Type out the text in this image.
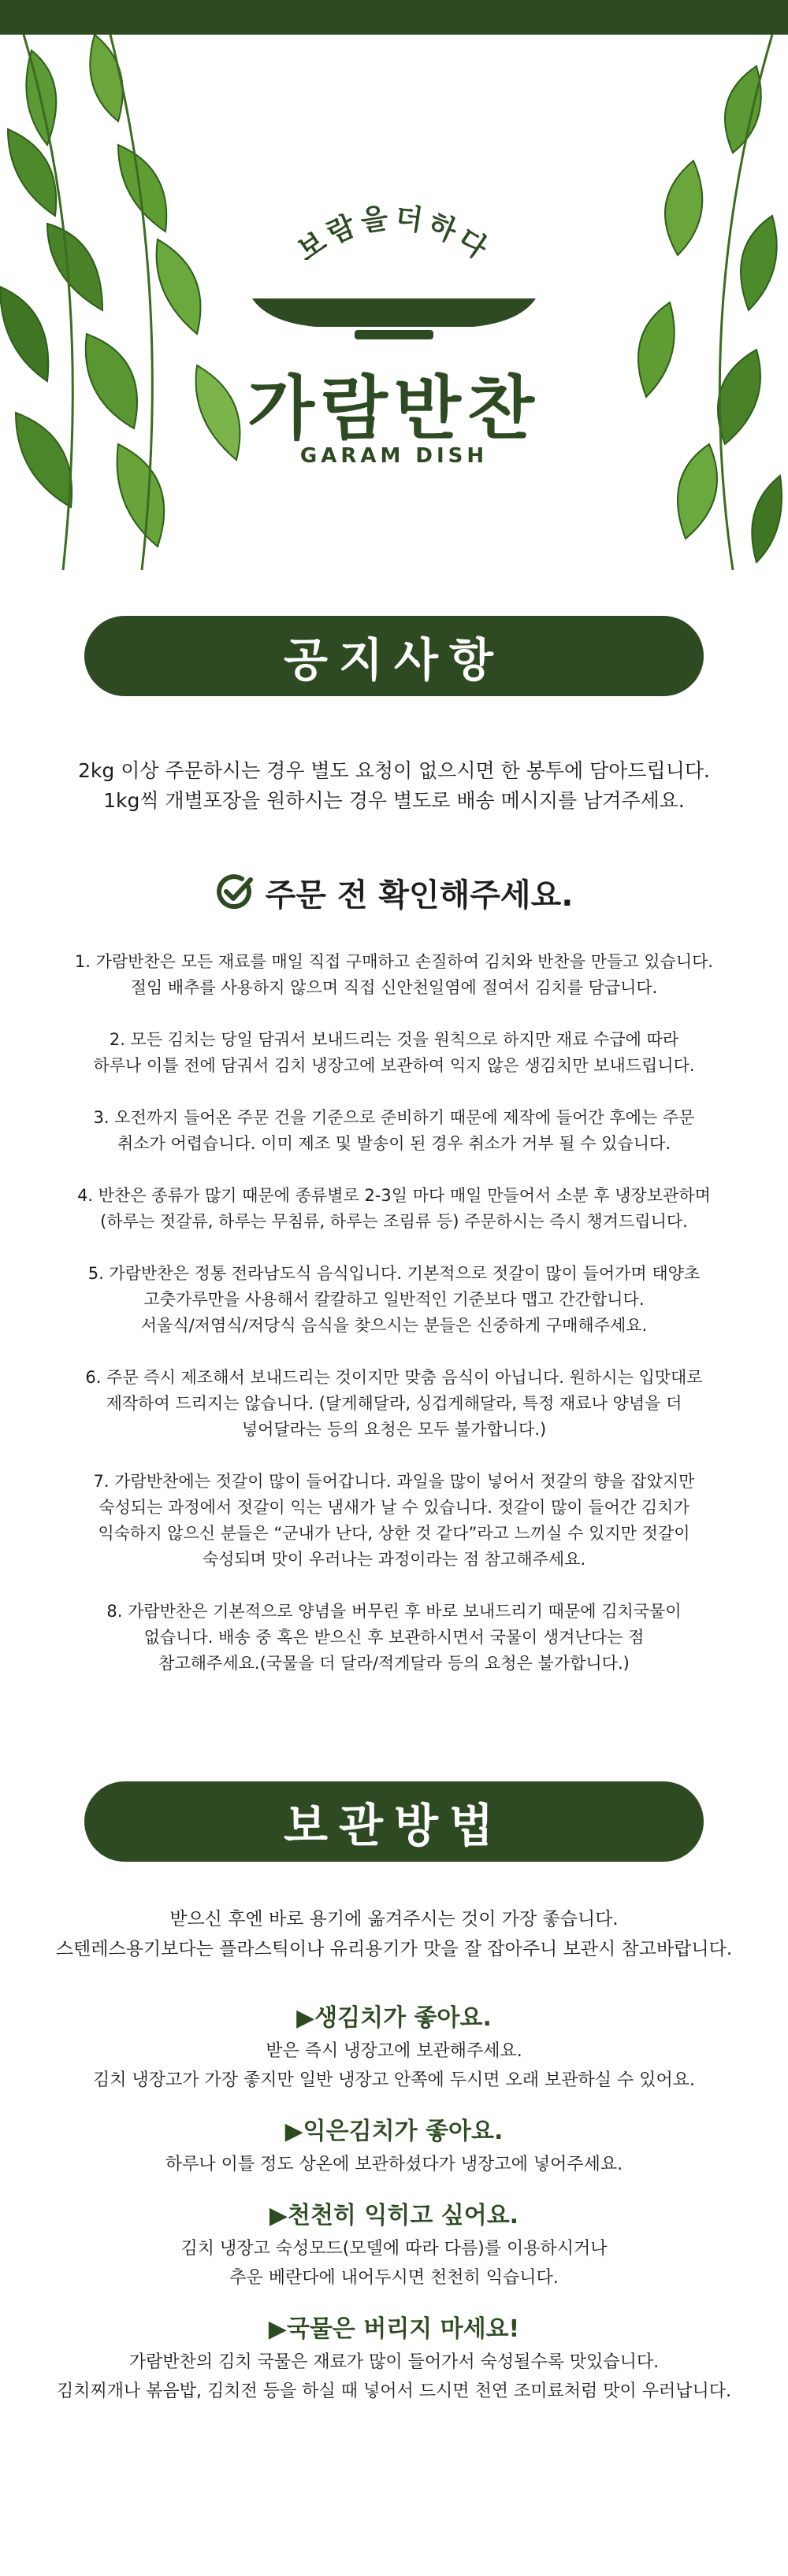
보람을더하다
가람반찬
GARAM DISH
공지사항
2kg 이상 주문하시는 경우 별도 요청이 없으시면 한 봉투에 담아드립니다.
1kg씩 개별포장을 원하시는 경우 별도로 배송 메시지를 남겨주세요.
주문 전 확인해주세요.
1. 가람반찬은 모든 재료를 매일 직접 구매하고 손질하여 김치와 반찬을 만들고 있습니다.
절임 배추를 사용하지 않으며 직접 신안천일염에 절여서 김치를 담급니다.
2. 모든 김치는 당일 담궈서 보내드리는 것을 원칙으로 하지만 재료 수급에 따라
하루나 이틀 전에 담궈서 김치 냉장고에 보관하여 익지 않은 생김치만 보내드립니다.
3. 오전까지 들어온 주문 건을 기준으로 준비하기 때문에 제작에 들어간 후에는 주문
취소가 어렵습니다. 이미 제조 및 발송이 된 경우 취소가 거부 될 수 있습니다.
4. 반찬은 종류가 많기 때문에 종류별로 2-3일 마다 매일 만들어서 소분 후 냉장보관하며
(하루는 젓갈류, 하루는 무침류, 하루는 조림류 등) 주문하시는 즉시 챙겨드립니다.
5. 가람반찬은 정통 전라남도식 음식입니다. 기본적으로 젓갈이 많이 들어가며 태양초
고춧가루만을 사용해서 칼칼하고 일반적인 기준보다 맵고 간간합니다.
서울식/저염식/저당식 음식을 찾으시는 분들은 신중하게 구매해주세요.
6. 주문 즉시 제조해서 보내드리는 것이지만 맞춤 음식이 아닙니다. 원하시는 입맛대로
제작하여 드리지는 않습니다. (달게해달라, 싱겁게해달라, 특정 재료나 양념을 더
넣어달라는 등의 요청은 모두 불가합니다.)
7. 가람반찬에는 젓갈이 많이 들어갑니다. 과일을 많이 넣어서 젓갈의 향을 잡았지만
숙성되는 과정에서 젓갈이 익는 냄새가 날 수 있습니다. 젓갈이 많이 들어간 김치가
익숙하지 않으신 분들은 “군내가 난다, 상한 것 같다”라고 느끼실 수 있지만 젓갈이
숙성되며 맛이 우러나는 과정이라는 점 참고해주세요.
8. 가람반찬은 기본적으로 양념을 버무린 후 바로 보내드리기 때문에 김치국물이
없습니다. 배송 중 혹은 받으신 후 보관하시면서 국물이 생겨난다는 점
참고해주세요.(국물을 더 달라/적게달라 등의 요청은 불가합니다.)
보관방법
받으신 후엔 바로 용기에 옮겨주시는 것이 가장 좋습니다.
스텐레스용기보다는 플라스틱이나 유리용기가 맛을 잘 잡아주니 보관시 참고바랍니다.
▶생김치가 좋아요.
받은 즉시 냉장고에 보관해주세요.
김치 냉장고가 가장 좋지만 일반 냉장고 안쪽에 두시면 오래 보관하실 수 있어요.
▶익은김치가 좋아요.
하루나 이틀 정도 상온에 보관하셨다가 냉장고에 넣어주세요.
▶천천히 익히고 싶어요.
김치 냉장고 숙성모드(모델에 따라 다름)를 이용하시거나
추운 베란다에 내어두시면 천천히 익습니다.
▶국물은 버리지 마세요!
가람반찬의 김치 국물은 재료가 많이 들어가서 숙성될수록 맛있습니다.
김치찌개나 볶음밥, 김치전 등을 하실 때 넣어서 드시면 천연 조미료처럼 맛이 우러납니다.
